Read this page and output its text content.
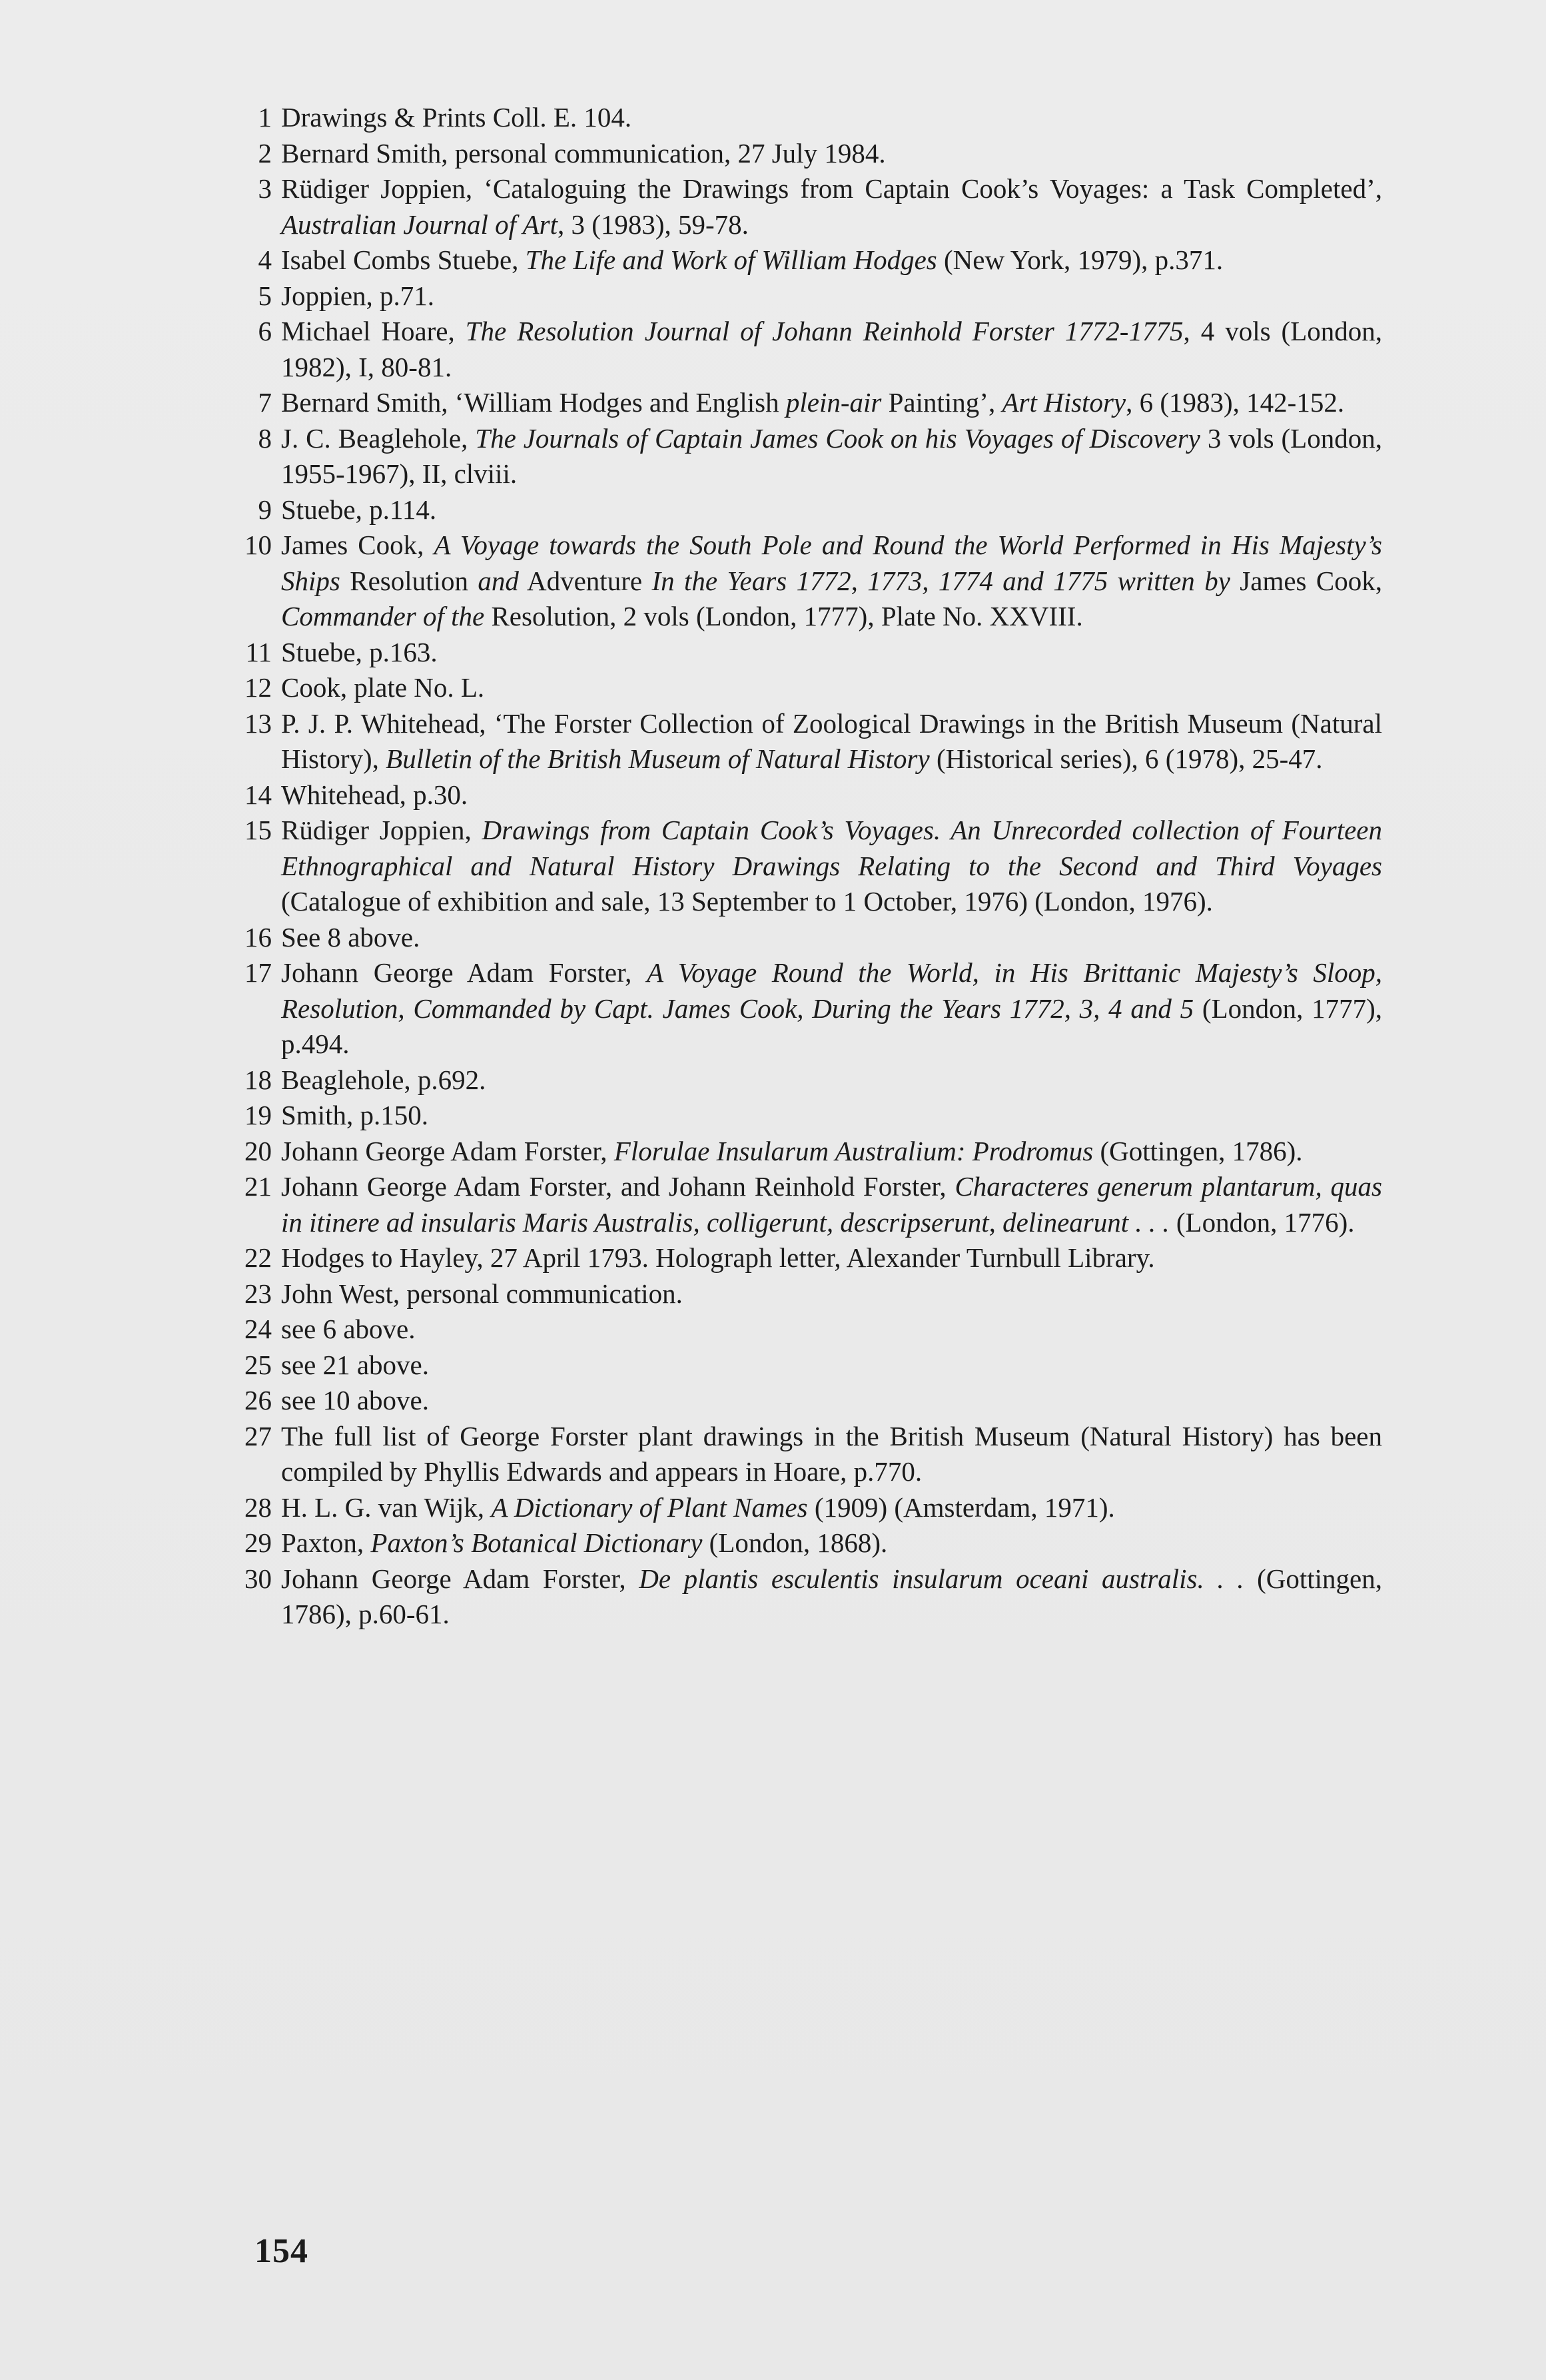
1 Drawings & Prints Coll. E. 104.
2 Bernard Smith, personal communication, 27 July 1984.
3 Rüdiger Joppien, ‘Cataloguing the Drawings from Captain Cook’s Voyages: a Task Completed’, Australian Journal of Art, 3 (1983), 59-78.
4 Isabel Combs Stuebe, The Life and Work of William Hodges (New York, 1979), p.371.
5 Joppien, p.71.
6 Michael Hoare, The Resolution Journal of Johann Reinhold Forster 1772-1775, 4 vols (London, 1982), I, 80-81.
7 Bernard Smith, ‘William Hodges and English plein-air Painting’, Art History, 6 (1983), 142-152.
8 J. C. Beaglehole, The Journals of Captain James Cook on his Voyages of Discovery 3 vols (London, 1955-1967), II, clviii.
9 Stuebe, p.114.
10 James Cook, A Voyage towards the South Pole and Round the World Performed in His Majesty’s Ships Resolution and Adventure In the Years 1772, 1773, 1774 and 1775 written by James Cook, Commander of the Resolution, 2 vols (London, 1777), Plate No. XXVIII.
11 Stuebe, p.163.
12 Cook, plate No. L.
13 P. J. P. Whitehead, ‘The Forster Collection of Zoological Drawings in the British Museum (Natural History), Bulletin of the British Museum of Natural History (Historical series), 6 (1978), 25-47.
14 Whitehead, p.30.
15 Rüdiger Joppien, Drawings from Captain Cook’s Voyages. An Unrecorded collection of Fourteen Ethnographical and Natural History Drawings Relating to the Second and Third Voyages (Catalogue of exhibition and sale, 13 September to 1 October, 1976) (London, 1976).
16 See 8 above.
17 Johann George Adam Forster, A Voyage Round the World, in His Brittanic Majesty’s Sloop, Resolution, Commanded by Capt. James Cook, During the Years 1772, 3, 4 and 5 (London, 1777), p.494.
18 Beaglehole, p.692.
19 Smith, p.150.
20 Johann George Adam Forster, Florulae Insularum Australium: Prodromus (Gottingen, 1786).
21 Johann George Adam Forster, and Johann Reinhold Forster, Characteres generum plantarum, quas in itinere ad insularis Maris Australis, colligerunt, descripserunt, delinearunt . . . (London, 1776).
22 Hodges to Hayley, 27 April 1793. Holograph letter, Alexander Turnbull Library.
23 John West, personal communication.
24 see 6 above.
25 see 21 above.
26 see 10 above.
27 The full list of George Forster plant drawings in the British Museum (Natural History) has been compiled by Phyllis Edwards and appears in Hoare, p.770.
28 H. L. G. van Wijk, A Dictionary of Plant Names (1909) (Amsterdam, 1971).
29 Paxton, Paxton’s Botanical Dictionary (London, 1868).
30 Johann George Adam Forster, De plantis esculentis insularum oceani australis. . . (Gottingen, 1786), p.60-61.
154
